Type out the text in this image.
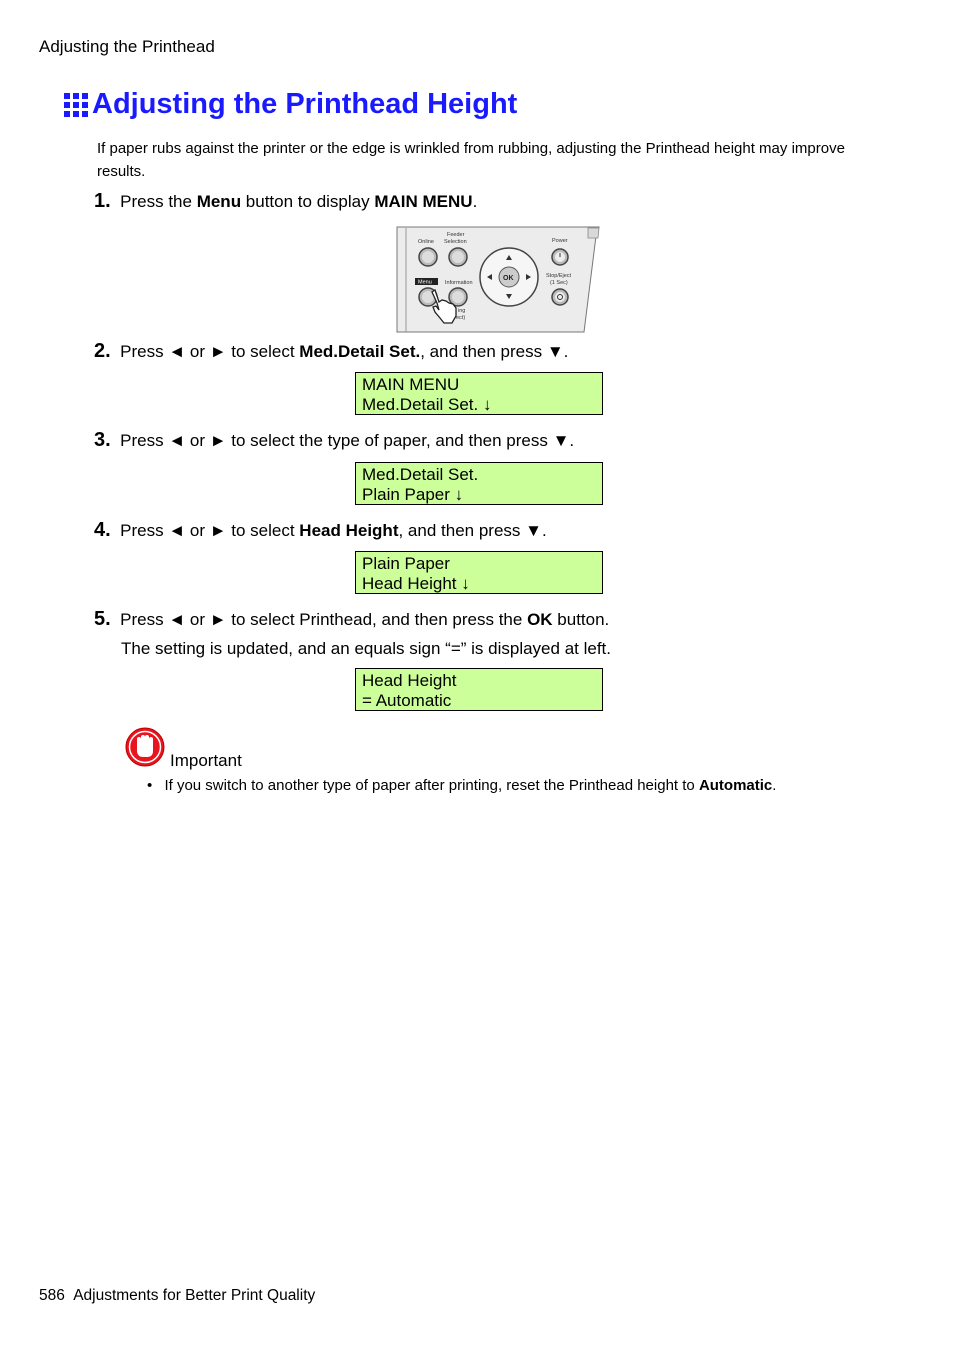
Adjusting the Printhead
Adjusting the Printhead Height
If paper rubs against the printer or the edge is wrinkled from rubbing, adjusting the Printhead height may improve results.
1. Press the Menu button to display MAIN MENU.
Online
Feeder
Selection	Power
Information
Stop/Eject
(1 Sec)
ing
ect)
Menu
OK
2. Press ◄ or ► to select Med.Detail Set., and then press ▼.
MAIN MENU
Med.Detail Set. ↓
3. Press ◄ or ► to select the type of paper, and then press ▼.
Med.Detail Set.
Plain Paper ↓
4. Press ◄ or ► to select Head Height, and then press ▼.
Plain Paper
Head Height ↓
5. Press ◄ or ► to select Printhead, and then press the OK button.
The setting is updated, and an equals sign “=” is displayed at left.
Head Height
= Automatic
Important
• If you switch to another type of paper after printing, reset the Printhead height to Automatic.
586 Adjustments for Better Print Quality
